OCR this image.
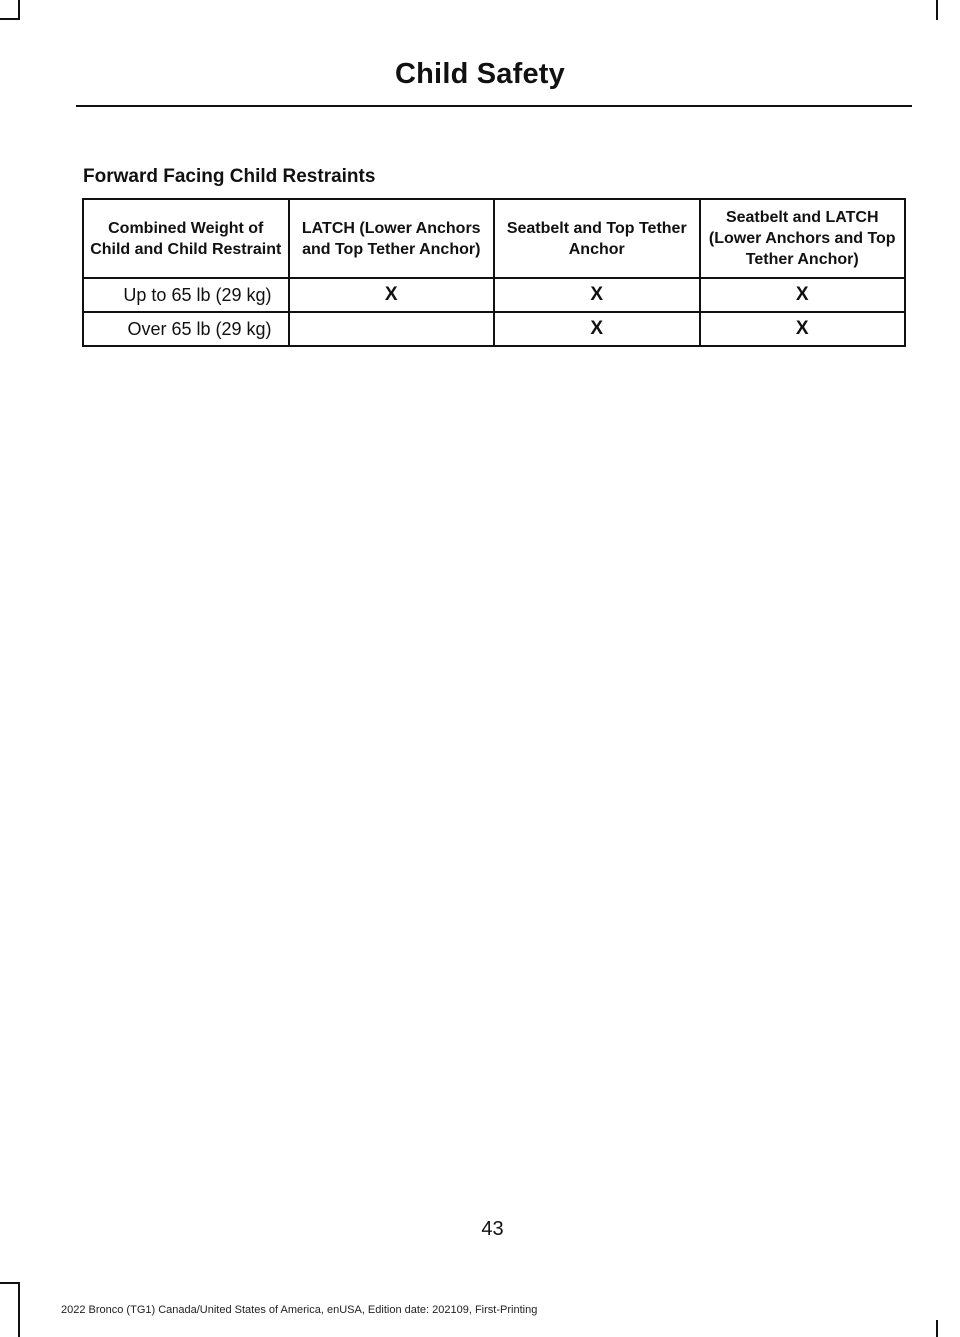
Child Safety
Forward Facing Child Restraints
Combined Weight of Child and Child Restraint	LATCH (Lower Anchors and Top Tether Anchor)	Seatbelt and Top Tether Anchor	Seatbelt and LATCH (Lower Anchors and Top Tether Anchor)
Up to 65 lb (29 kg)	X	X	X
Over 65 lb (29 kg)		X	X
43
2022 Bronco (TG1) Canada/United States of America, enUSA, Edition date: 202109, First-Printing
